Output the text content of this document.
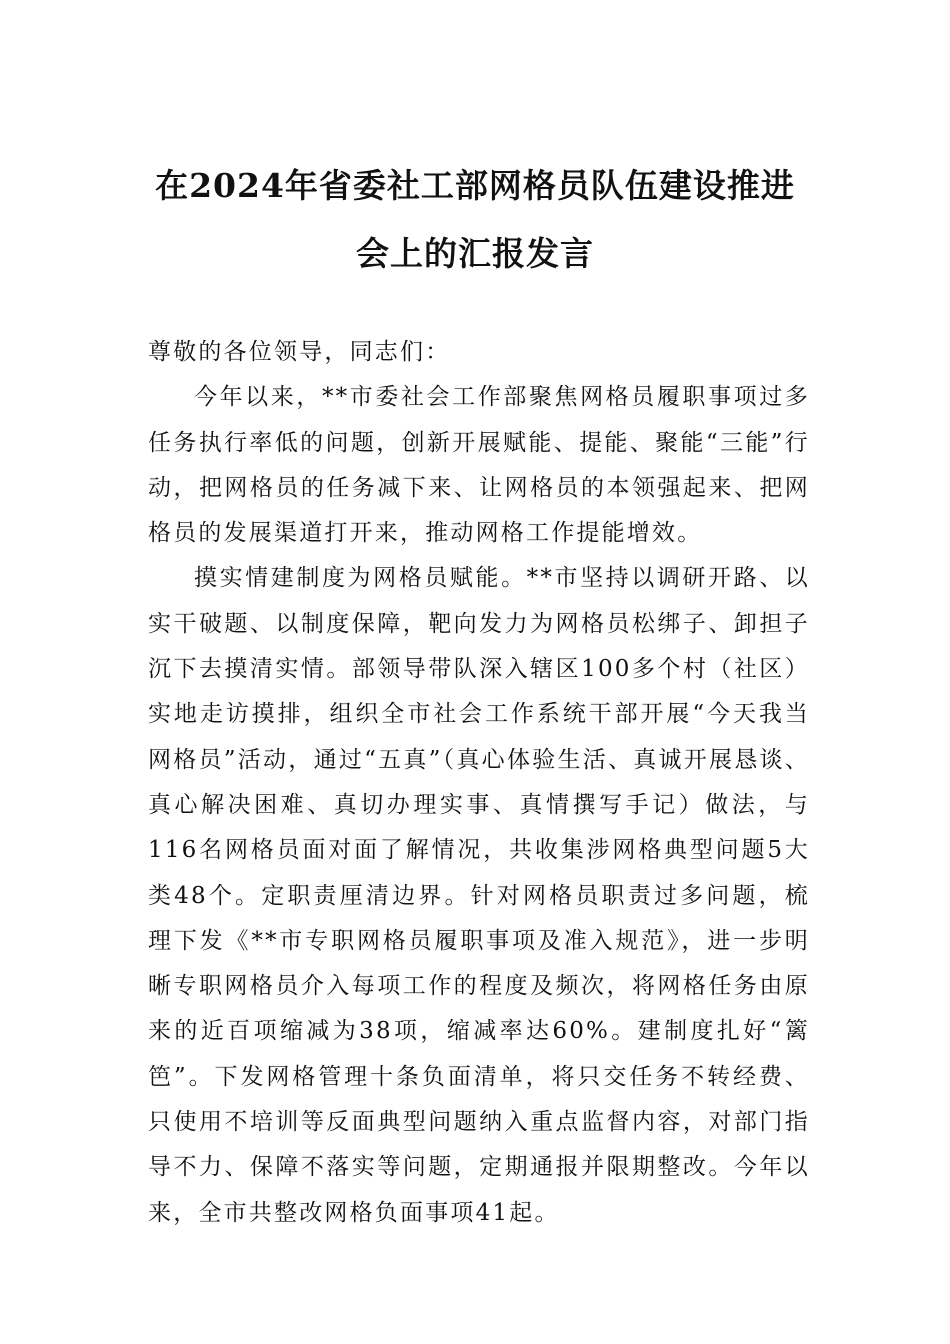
在2024年省委社工部网格员队伍建设推进
会上的汇报发言

尊敬的各位领导，同志们：

今年以来，**市委社会工作部聚焦网格员履职事项过多任务执行率低的问题，创新开展赋能、提能、聚能“三能”行动，把网格员的任务减下来、让网格员的本领强起来、把网格员的发展渠道打开来，推动网格工作提能增效。

摸实情建制度为网格员赋能。**市坚持以调研开路、以实干破题、以制度保障，靶向发力为网格员松绑子、卸担子沉下去摸清实情。部领导带队深入辖区100多个村（社区）实地走访摸排，组织全市社会工作系统干部开展“今天我当网格员”活动，通过“五真”（真心体验生活、真诚开展恳谈、真心解决困难、真切办理实事、真情撰写手记）做法，与116名网格员面对面了解情况，共收集涉网格典型问题5大类48个。定职责厘清边界。针对网格员职责过多问题，梳理下发《**市专职网格员履职事项及准入规范》，进一步明晰专职网格员介入每项工作的程度及频次，将网格任务由原来的近百项缩减为38项，缩减率达60%。建制度扎好“篱笆”。下发网格管理十条负面清单，将只交任务不转经费、只使用不培训等反面典型问题纳入重点监督内容，对部门指导不力、保障不落实等问题，定期通报并限期整改。今年以来，全市共整改网格负面事项41起。
